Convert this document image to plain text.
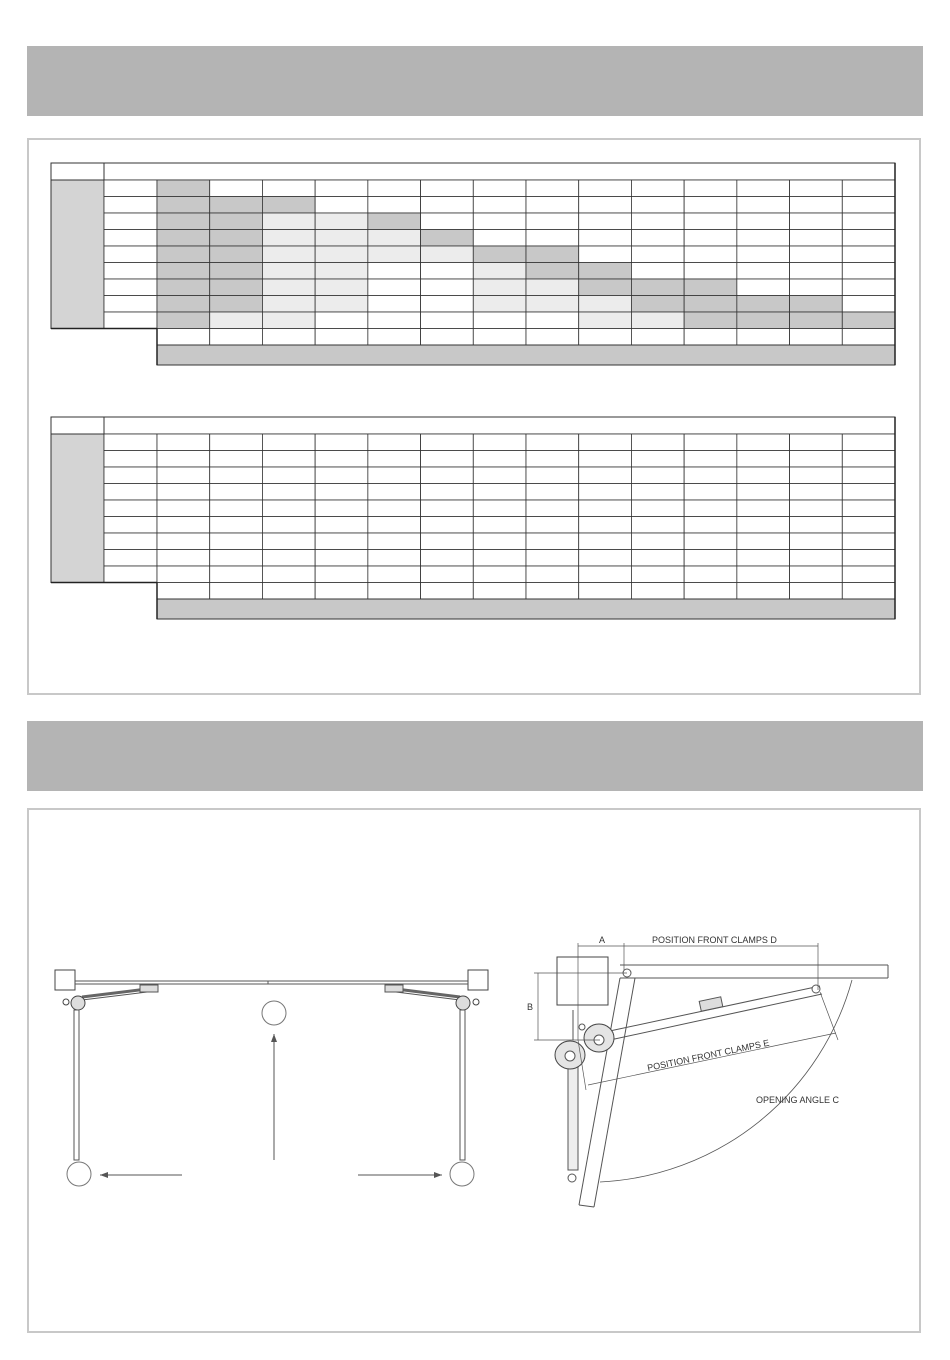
A	POSITION FRONT CLAMPS D
B
POSITION FRONT CLAMPS E
OPENING ANGLE C
